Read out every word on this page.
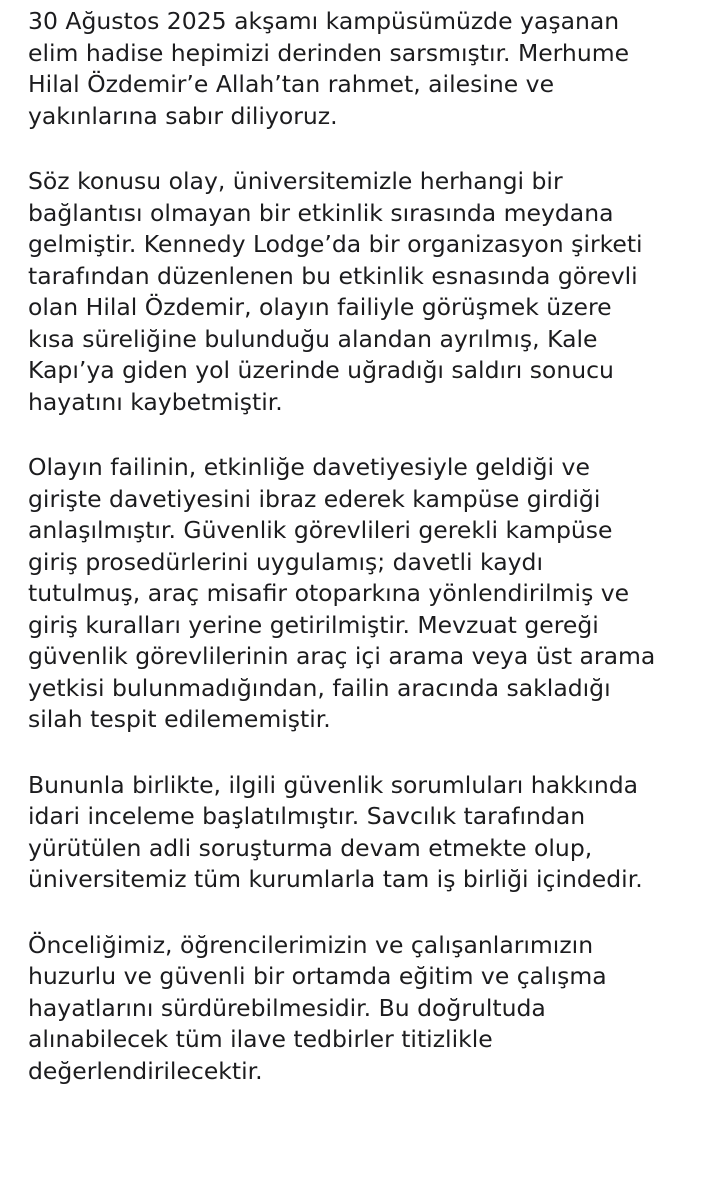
30 Ağustos 2025 akşamı kampüsümüzde yaşanan
elim hadise hepimizi derinden sarsmıştır. Merhume
Hilal Özdemir’e Allah’tan rahmet, ailesine ve
yakınlarına sabır diliyoruz.
Söz konusu olay, üniversitemizle herhangi bir
bağlantısı olmayan bir etkinlik sırasında meydana
gelmiştir. Kennedy Lodge’da bir organizasyon şirketi
tarafından düzenlenen bu etkinlik esnasında görevli
olan Hilal Özdemir, olayın failiyle görüşmek üzere
kısa süreliğine bulunduğu alandan ayrılmış, Kale
Kapı’ya giden yol üzerinde uğradığı saldırı sonucu
hayatını kaybetmiştir.
Olayın failinin, etkinliğe davetiyesiyle geldiği ve
girişte davetiyesini ibraz ederek kampüse girdiği
anlaşılmıştır. Güvenlik görevlileri gerekli kampüse
giriş prosedürlerini uygulamış; davetli kaydı
tutulmuş, araç misafir otoparkına yönlendirilmiş ve
giriş kuralları yerine getirilmiştir. Mevzuat gereği
güvenlik görevlilerinin araç içi arama veya üst arama
yetkisi bulunmadığından, failin aracında sakladığı
silah tespit edilememiştir.
Bununla birlikte, ilgili güvenlik sorumluları hakkında
idari inceleme başlatılmıştır. Savcılık tarafından
yürütülen adli soruşturma devam etmekte olup,
üniversitemiz tüm kurumlarla tam iş birliği içindedir.
Önceliğimiz, öğrencilerimizin ve çalışanlarımızın
huzurlu ve güvenli bir ortamda eğitim ve çalışma
hayatlarını sürdürebilmesidir. Bu doğrultuda
alınabilecek tüm ilave tedbirler titizlikle
değerlendirilecektir.
